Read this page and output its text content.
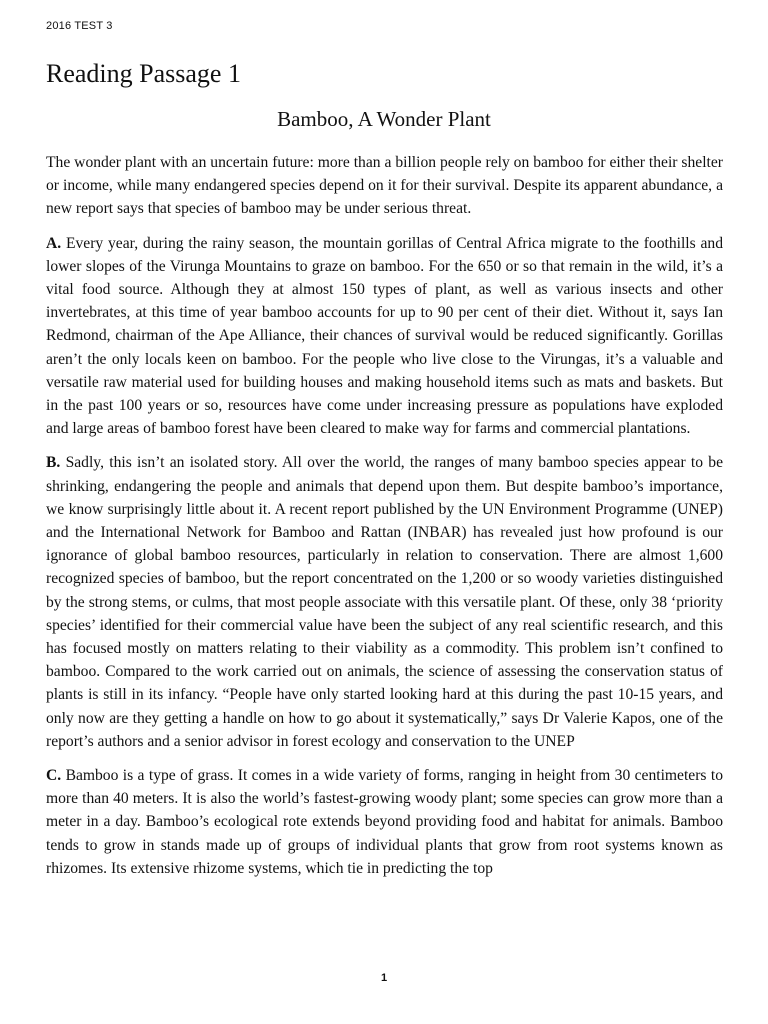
2016 TEST 3
Reading Passage 1
Bamboo, A Wonder Plant

The wonder plant with an uncertain future: more than a billion people rely on bamboo for either their shelter or income, while many endangered species depend on it for their survival. Despite its apparent abundance, a new report says that species of bamboo may be under serious threat.

A. Every year, during the rainy season, the mountain gorillas of Central Africa migrate to the foothills and lower slopes of the Virunga Mountains to graze on bamboo. For the 650 or so that remain in the wild, it’s a vital food source. Although they at almost 150 types of plant, as well as various insects and other invertebrates, at this time of year bamboo accounts for up to 90 per cent of their diet. Without it, says Ian Redmond, chairman of the Ape Alliance, their chances of survival would be reduced significantly. Gorillas aren’t the only locals keen on bamboo. For the people who live close to the Virungas, it’s a valuable and versatile raw material used for building houses and making household items such as mats and baskets. But in the past 100 years or so, resources have come under increasing pressure as populations have exploded and large areas of bamboo forest have been cleared to make way for farms and commercial plantations.

B. Sadly, this isn’t an isolated story. All over the world, the ranges of many bamboo species appear to be shrinking, endangering the people and animals that depend upon them. But despite bamboo’s importance, we know surprisingly little about it. A recent report published by the UN Environment Programme (UNEP) and the International Network for Bamboo and Rattan (INBAR) has revealed just how profound is our ignorance of global bamboo resources, particularly in relation to conservation. There are almost 1,600 recognized species of bamboo, but the report concentrated on the 1,200 or so woody varieties distinguished by the strong stems, or culms, that most people associate with this versatile plant. Of these, only 38 ‘priority species’ identified for their commercial value have been the subject of any real scientific research, and this has focused mostly on matters relating to their viability as a commodity. This problem isn’t confined to bamboo. Compared to the work carried out on animals, the science of assessing the conservation status of plants is still in its infancy. “People have only started looking hard at this during the past 10-15 years, and only now are they getting a handle on how to go about it systematically,” says Dr Valerie Kapos, one of the report’s authors and a senior advisor in forest ecology and conservation to the UNEP

C. Bamboo is a type of grass. It comes in a wide variety of forms, ranging in height from 30 centimeters to more than 40 meters. It is also the world’s fastest-growing woody plant; some species can grow more than a meter in a day. Bamboo’s ecological rote extends beyond providing food and habitat for animals. Bamboo tends to grow in stands made up of groups of individual plants that grow from root systems known as rhizomes. Its extensive rhizome systems, which tie in predicting the top

1
